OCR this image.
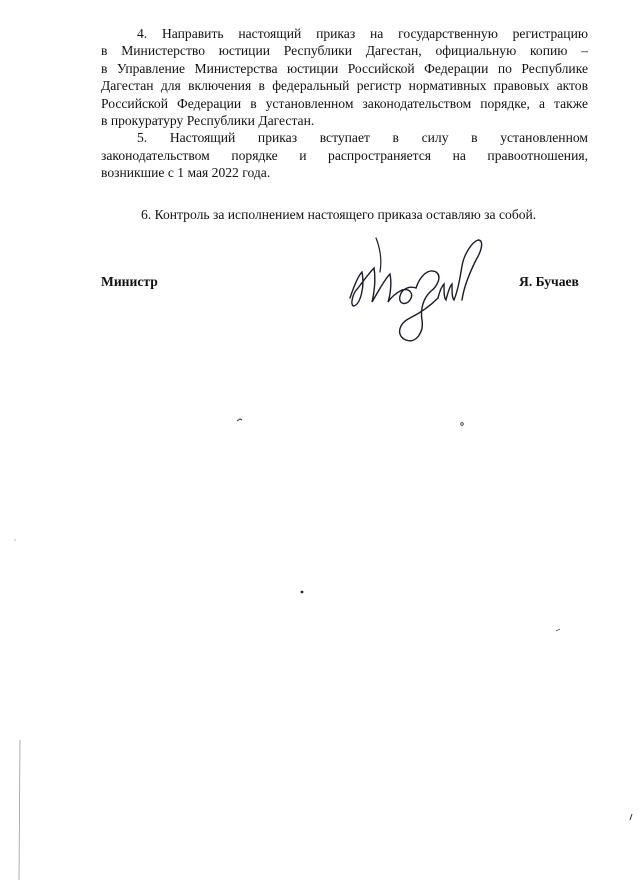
4. Направить настоящий приказ на государственную регистрацию
в Министерство юстиции Республики Дагестан, официальную копию –
в Управление Министерства юстиции Российской Федерации по Республике
Дагестан для включения в федеральный регистр нормативных правовых актов
Российской Федерации в установленном законодательством порядке, а также
в прокуратуру Республики Дагестан.
5. Настоящий приказ вступает в силу в установленном
законодательством порядке и распространяется на правоотношения,
возникшие с 1 мая 2022 года.

6. Контроль за исполнением настоящего приказа оставляю за собой.

Министр	Я. Бучаев
